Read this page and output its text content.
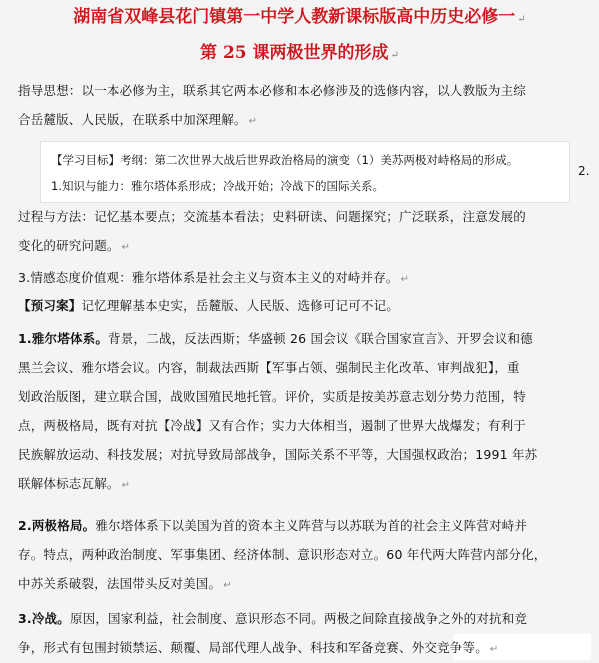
湖南省双峰县花门镇第一中学人教新课标版高中历史必修一 ↵
第 25 课两极世界的形成 ↵
指导思想：以一本必修为主，联系其它两本必修和本必修涉及的选修内容，以人教版为主综
合岳麓版、人民版，在联系中加深理解。 ↵
【学习目标】考纲：第二次世界大战后世界政治格局的演变（1）美苏两极对峙格局的形成。
1.知识与能力：雅尔塔体系形成；冷战开始；冷战下的国际关系。
2.
过程与方法：记忆基本要点；交流基本看法；史料研读、问题探究；广泛联系，注意发展的
变化的研究问题。 ↵
3.情感态度价值观：雅尔塔体系是社会主义与资本主义的对峙并存。 ↵
【预习案】记忆理解基本史实，岳麓版、人民版、选修可记可不记。
1.雅尔塔体系。背景，二战，反法西斯；华盛顿 26 国会议《联合国家宣言》、开罗会议和德
黑兰会议、雅尔塔会议。内容，制裁法西斯【军事占领、强制民主化改革、审判战犯】，重
划政治版图，建立联合国，战败国殖民地托管。评价，实质是按美苏意志划分势力范围，特
点，两极格局，既有对抗【冷战】又有合作；实力大体相当，遏制了世界大战爆发；有利于
民族解放运动、科技发展；对抗导致局部战争，国际关系不平等，大国强权政治；1991 年苏
联解体标志瓦解。 ↵
2.两极格局。雅尔塔体系下以美国为首的资本主义阵营与以苏联为首的社会主义阵营对峙并
存。特点，两种政治制度、军事集团、经济体制、意识形态对立。60 年代两大阵营内部分化，
中苏关系破裂，法国带头反对美国。 ↵
3.冷战。原因，国家利益，社会制度、意识形态不同。两极之间除直接战争之外的对抗和竞
争，形式有包围封锁禁运、颠覆、局部代理人战争、科技和军备竞赛、外交竞争等。 ↵
